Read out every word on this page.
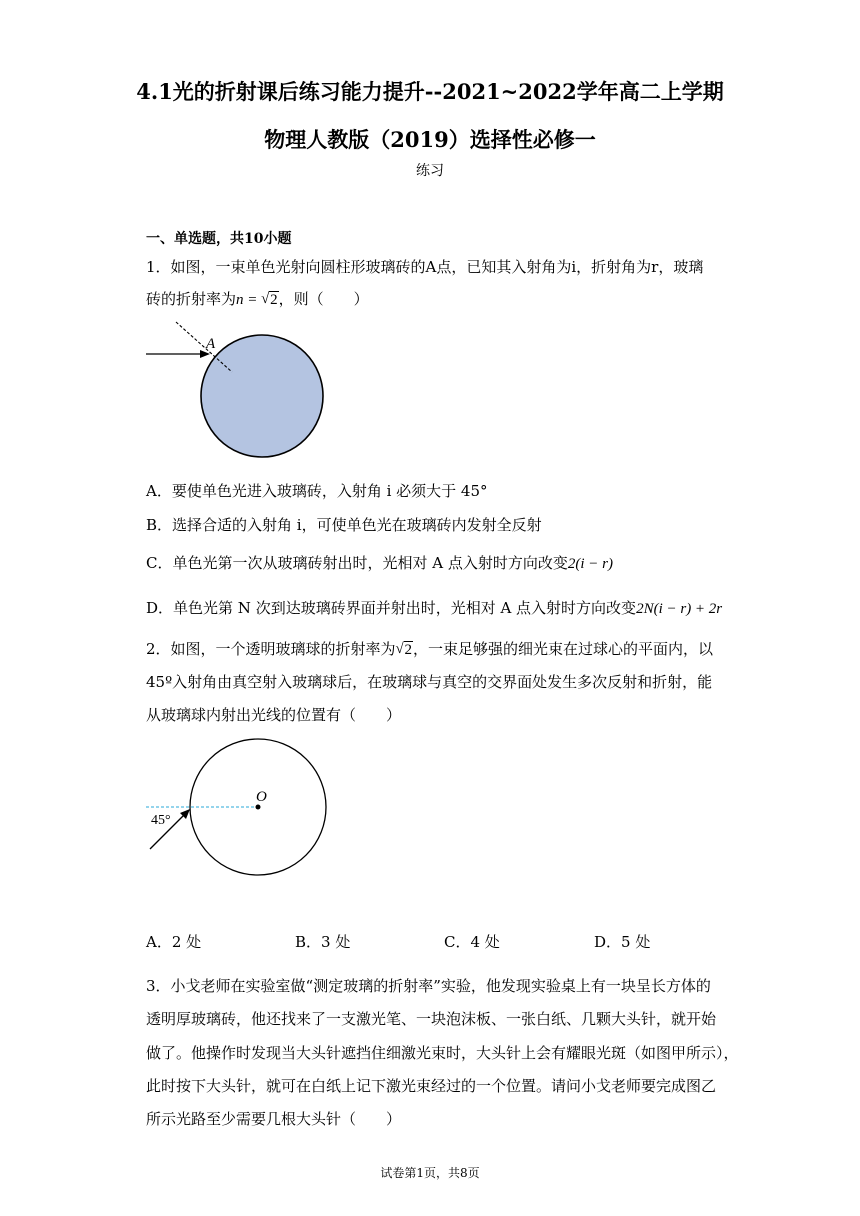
4.1光的折射课后练习能力提升--2021~2022学年高二上学期
物理人教版（2019）选择性必修一
练习
一、单选题，共10小题
1．如图，一束单色光射向圆柱形玻璃砖的A点，已知其入射角为i，折射角为r，玻璃
砖的折射率为n = √ 2，则（　　）
A
A．要使单色光进入玻璃砖，入射角 i 必须大于 45°
B．选择合适的入射角 i，可使单色光在玻璃砖内发射全反射
C．单色光第一次从玻璃砖射出时，光相对 A 点入射时方向改变2(i − r)
D．单色光第 N 次到达玻璃砖界面并射出时，光相对 A 点入射时方向改变2N(i − r) + 2r
2．如图，一个透明玻璃球的折射率为√ 2，一束足够强的细光束在过球心的平面内，以
45º入射角由真空射入玻璃球后，在玻璃球与真空的交界面处发生多次反射和折射，能
从玻璃球内射出光线的位置有（　　）
O
45°
A．2 处	B．3 处	C．4 处	D．5 处
3．小戈老师在实验室做“测定玻璃的折射率”实验，他发现实验桌上有一块呈长方体的
透明厚玻璃砖，他还找来了一支激光笔、一块泡沫板、一张白纸、几颗大头针，就开始
做了。他操作时发现当大头针遮挡住细激光束时，大头针上会有耀眼光斑（如图甲所示），
此时按下大头针，就可在白纸上记下激光束经过的一个位置。请问小戈老师要完成图乙
所示光路至少需要几根大头针（　　）
试卷第1页，共8页
